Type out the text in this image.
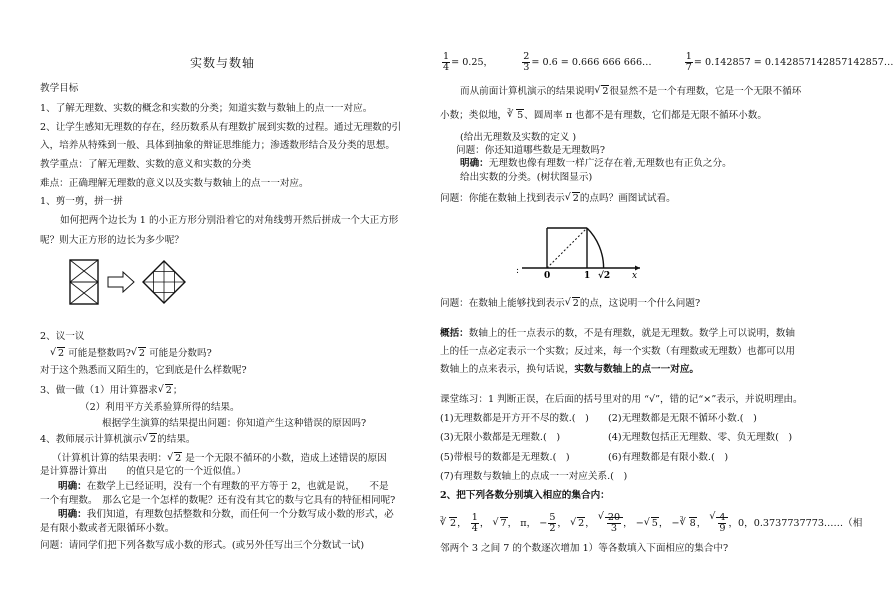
实数与数轴
教学目标
1、了解无理数、实数的概念和实数的分类；知道实数与数轴上的点一一对应。
2、让学生感知无理数的存在，经历数系从有理数扩展到实数的过程。通过无理数的引
入，培养从特殊到一般、具体到抽象的辩证思维能力；渗透数形结合及分类的思想。
教学重点：了解无理数、实数的意义和实数的分类
难点：正确理解无理数的意义以及实数与数轴上的点一一对应。
1、剪一剪，拼一拼
如何把两个边长为 1 的小正方形分别沿着它的对角线剪开然后拼成一个大正方形
呢？则大正方形的边长为多少呢？
2、议一议
√ 2 可能是整数吗? √ 2 可能是分数吗?
对于这个熟悉而又陌生的，它到底是什么样数呢?
3、做一做（1）用计算器求 √ 2；
（2）利用平方关系验算所得的结果。
根据学生演算的结果提出问题：你知道产生这种错误的原因吗?
4、教师展示计算机演示 √ 2的结果。
（计算机计算的结果表明： √ 2 是一个无限不循环的小数，造成上述错误的原因
是计算器计算出　　的值只是它的一个近似值。）
明确：在数学上已经证明，没有一个有理数的平方等于 2，也就是说，　　不是
一个有理数。　那么它是一个怎样的数呢？还有没有其它的数与它具有的特征相同呢?
明确：我们知道，有理数包括整数和分数，而任何一个分数写成小数的形式，必
是有限小数或者无限循环小数。
问题：请同学们把下列各数写成小数的形式。(或另外任写出三个分数试一试)
$\frac{1}{4} = 0.25$，	$\frac{2}{3} = 0.6 = 0.666$ 666 666…	$\frac{1}{7}$ = 0.1̇42857̇ = 0.142857142857142857…
而从前面计算机演示的结果说明 √ 2很显然不是一个有理数，它是一个无限不循环
小数；类似地， √ 5
3 、圆周率 π 也都不是有理数，它们都是无限不循环小数。
(给出无理数及实数的定义 )
问题：你还知道哪些数是无理数吗?
明确：无理数也像有理数一样广泛存在着,无理数也有正负之分。
给出实数的分类。(树状图显示)
问题：你能在数轴上找到表示 √ 2的点吗？画图试试看。
:	0	1 √2 x
问题：在数轴上能够找到表示 √ 2的点，这说明一个什么问题?
概括：数轴上的任一点表示的数，不是有理数，就是无理数。数学上可以说明，数轴
上的任一点必定表示一个实数；反过来，每一个实数（有理数或无理数）也都可以用
数轴上的点来表示，换句话说，实数与数轴上的点一一对应。
课堂练习：1 判断正误，在后面的括号里对的用 “√”，错的记“×”表示，并说明理由。
(1)无理数都是开方开不尽的数.(　) (2)无理数都是无限不循环小数.(　)
(3)无限小数都是无理数.(　)	(4)无理数包括正无理数、零、负无理数(　)
(5)带根号的数都是无理数.(　)	(6)有理数都是有限小数.(　)
(7)有理数与数轴上的点成一一对应关系.(　)
2、把下列各数分别填入相应的集合内：
√ 2
3 ， $\frac{1}{4}$ ， √ 7， π， − $\frac{5}{2}$ ， √ 2， √ $\frac{20}{3}$ ， − √ 5， − √ 8
3 ， √ $\frac{4}{9}$ ，0，0.3737737773……（相
邻两个 3 之间 7 的个数逐次增加 1）等各数填入下面相应的集合中?
